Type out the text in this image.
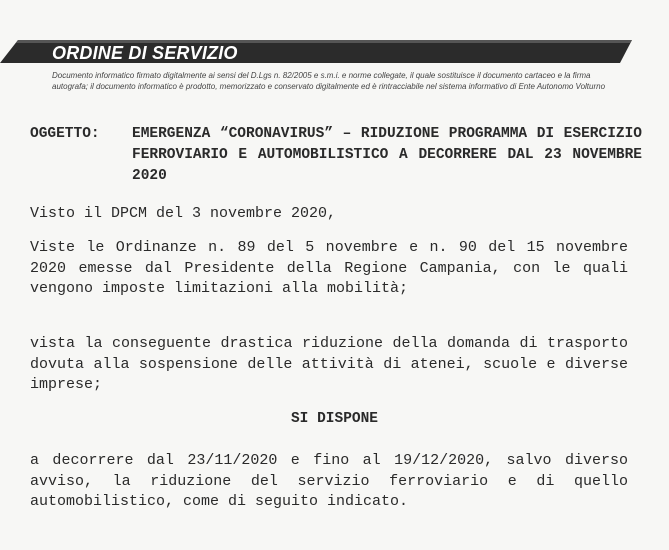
ORDINE DI SERVIZIO
Documento informatico firmato digitalmente ai sensi del D.Lgs n. 82/2005 e s.m.i. e norme collegate, il quale sostituisce il documento cartaceo e la firma autografa; il documento informatico è prodotto, memorizzato e conservato digitalmente ed è rintracciabile nel sistema informativo di Ente Autonomo Volturno
OGGETTO: EMERGENZA “CORONAVIRUS” – RIDUZIONE PROGRAMMA DI ESERCIZIO FERROVIARIO E AUTOMOBILISTICO A DECORRERE DAL 23 NOVEMBRE 2020
Visto il DPCM del 3 novembre 2020,
Viste le Ordinanze n. 89 del 5 novembre e n. 90 del 15 novembre 2020 emesse dal Presidente della Regione Campania, con le quali vengono imposte limitazioni alla mobilità;
vista la conseguente drastica riduzione della domanda di trasporto dovuta alla sospensione delle attività di atenei, scuole e diverse imprese;
SI DISPONE
a decorrere dal 23/11/2020 e fino al 19/12/2020, salvo diverso avviso, la riduzione del servizio ferroviario e di quello automobilistico, come di seguito indicato.
